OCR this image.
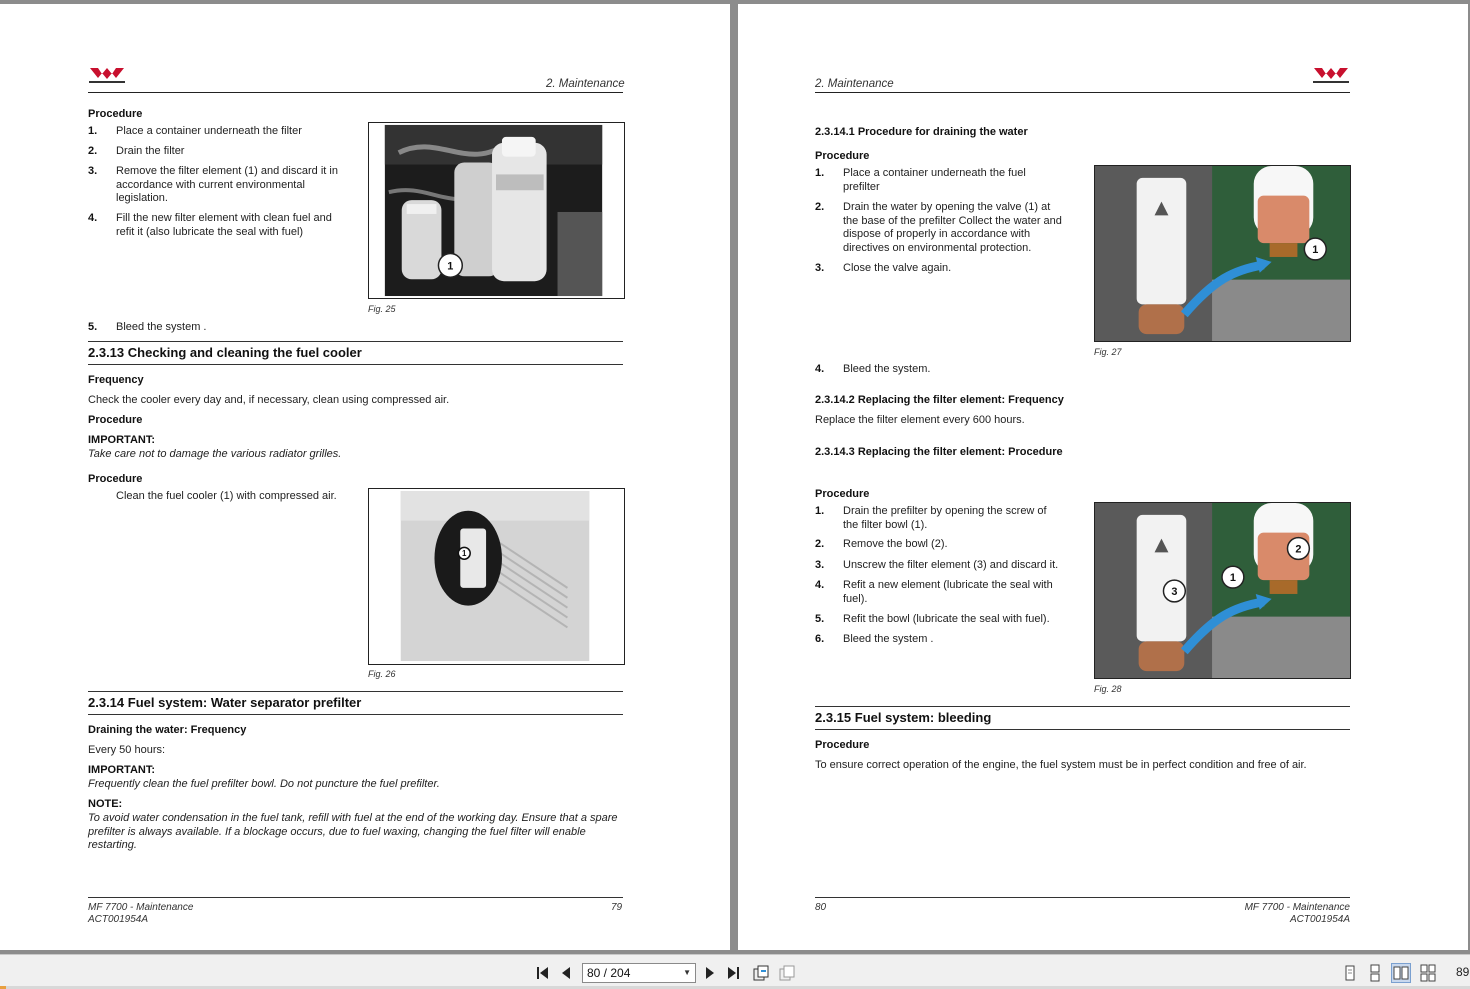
2. Maintenance
Procedure
1.	Place a container underneath the filter
2.	Drain the filter
3.	Remove the filter element (1) and discard it in accordance with current environmental legislation.
4.	Fill the new filter element with clean fuel and refit it (also lubricate the seal with fuel)
1
Fig. 25
5.	Bleed the system .
2.3.13 Checking and cleaning the fuel cooler
Frequency
Check the cooler every day and, if necessary, clean using compressed air.
Procedure
IMPORTANT:
Take care not to damage the various radiator grilles.
Procedure
Clean the fuel cooler (1) with compressed air.
1
Fig. 26
2.3.14 Fuel system: Water separator prefilter
Draining the water: Frequency
Every 50 hours:
IMPORTANT:
Frequently clean the fuel prefilter bowl. Do not puncture the fuel prefilter.
NOTE:
To avoid water condensation in the fuel tank, refill with fuel at the end of the working day. Ensure that a spare prefilter is always available. If a blockage occurs, due to fuel waxing, changing the fuel filter will enable restarting.
MF 7700 - Maintenance
ACT001954A
79
2. Maintenance
2.3.14.1 Procedure for draining the water
Procedure
1.	Place a container underneath the fuel prefilter
2.	Drain the water by opening the valve (1) at the base of the prefilter Collect the water and dispose of properly in accordance with directives on environmental protection.
3.	Close the valve again.
1
Fig. 27
4.	Bleed the system.
2.3.14.2 Replacing the filter element: Frequency
Replace the filter element every 600 hours.
2.3.14.3 Replacing the filter element: Procedure
Procedure
1.	Drain the prefilter by opening the screw of the filter bowl (1).
2.	Remove the bowl (2).
3.	Unscrew the filter element (3) and discard it.
4.	Refit a new element (lubricate the seal with fuel).
5.	Refit the bowl (lubricate the seal with fuel).
6.	Bleed the system .
1
2
3
Fig. 28
2.3.15 Fuel system: bleeding
Procedure
To ensure correct operation of the engine, the fuel system must be in perfect condition and free of air.
80	MF 7700 - Maintenance
ACT001954A
80 / 204	▼	89
